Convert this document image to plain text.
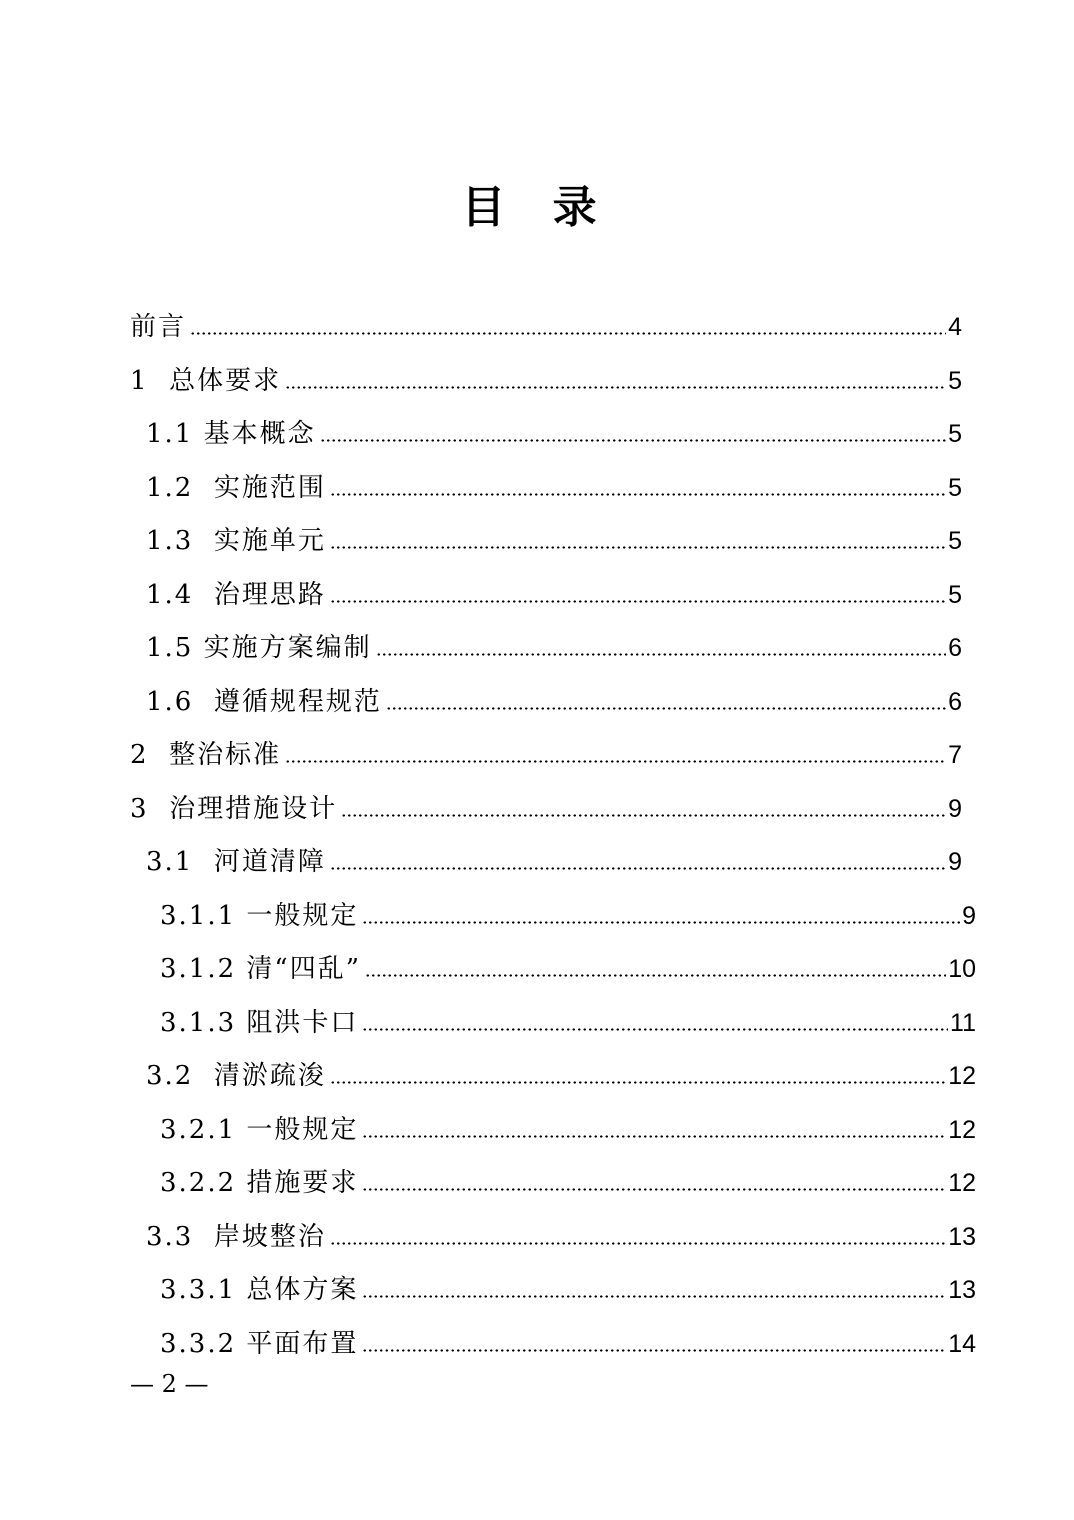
目 录
前言	4
1  总体要求	5
1.1 基本概念	5
1.2  实施范围	5
1.3  实施单元	5
1.4  治理思路	5
1.5 实施方案编制	6
1.6  遵循规程规范	6
2  整治标准	7
3  治理措施设计	9
3.1  河道清障	9
3.1.1 一般规定	9
3.1.2 清“四乱”	10
3.1.3 阻洪卡口	11
3.2  清淤疏浚	12
3.2.1 一般规定	12
3.2.2 措施要求	12
3.3  岸坡整治	13
3.3.1 总体方案	13
3.3.2 平面布置	14
— 2 —
